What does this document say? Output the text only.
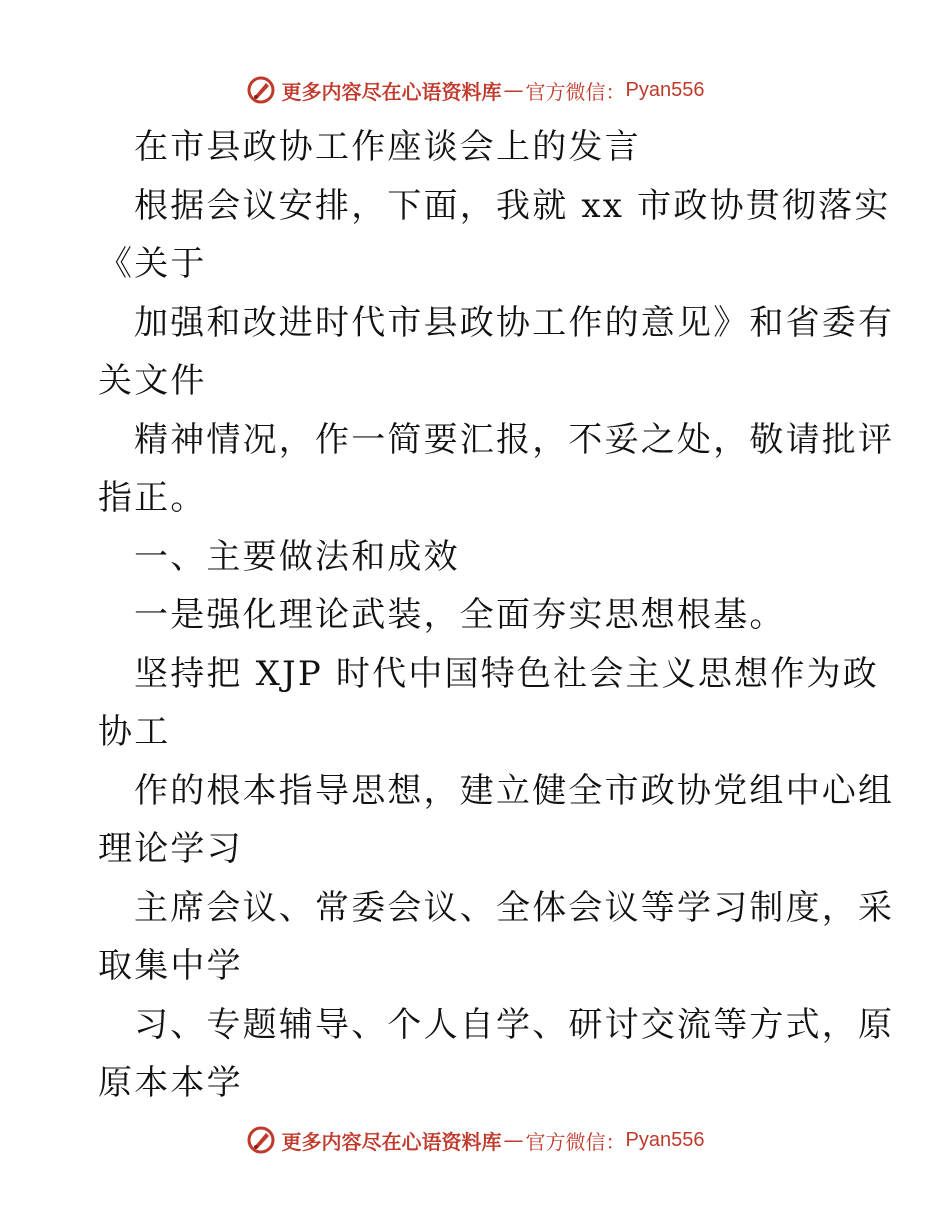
更多内容尽在心语资料库 — 官方微信： Pyan556
在市县政协工作座谈会上的发言
根据会议安排，下面，我就 xx 市政协贯彻落实
《关于
加强和改进时代市县政协工作的意见》和省委有
关文件
精神情况，作一简要汇报，不妥之处，敬请批评
指正。
一、主要做法和成效
一是强化理论武装，全面夯实思想根基。
坚持把 XJP 时代中国特色社会主义思想作为政
协工
作的根本指导思想，建立健全市政协党组中心组
理论学习
主席会议、常委会议、全体会议等学习制度，采
取集中学
习、专题辅导、个人自学、研讨交流等方式，原
原本本学
更多内容尽在心语资料库 — 官方微信： Pyan556
